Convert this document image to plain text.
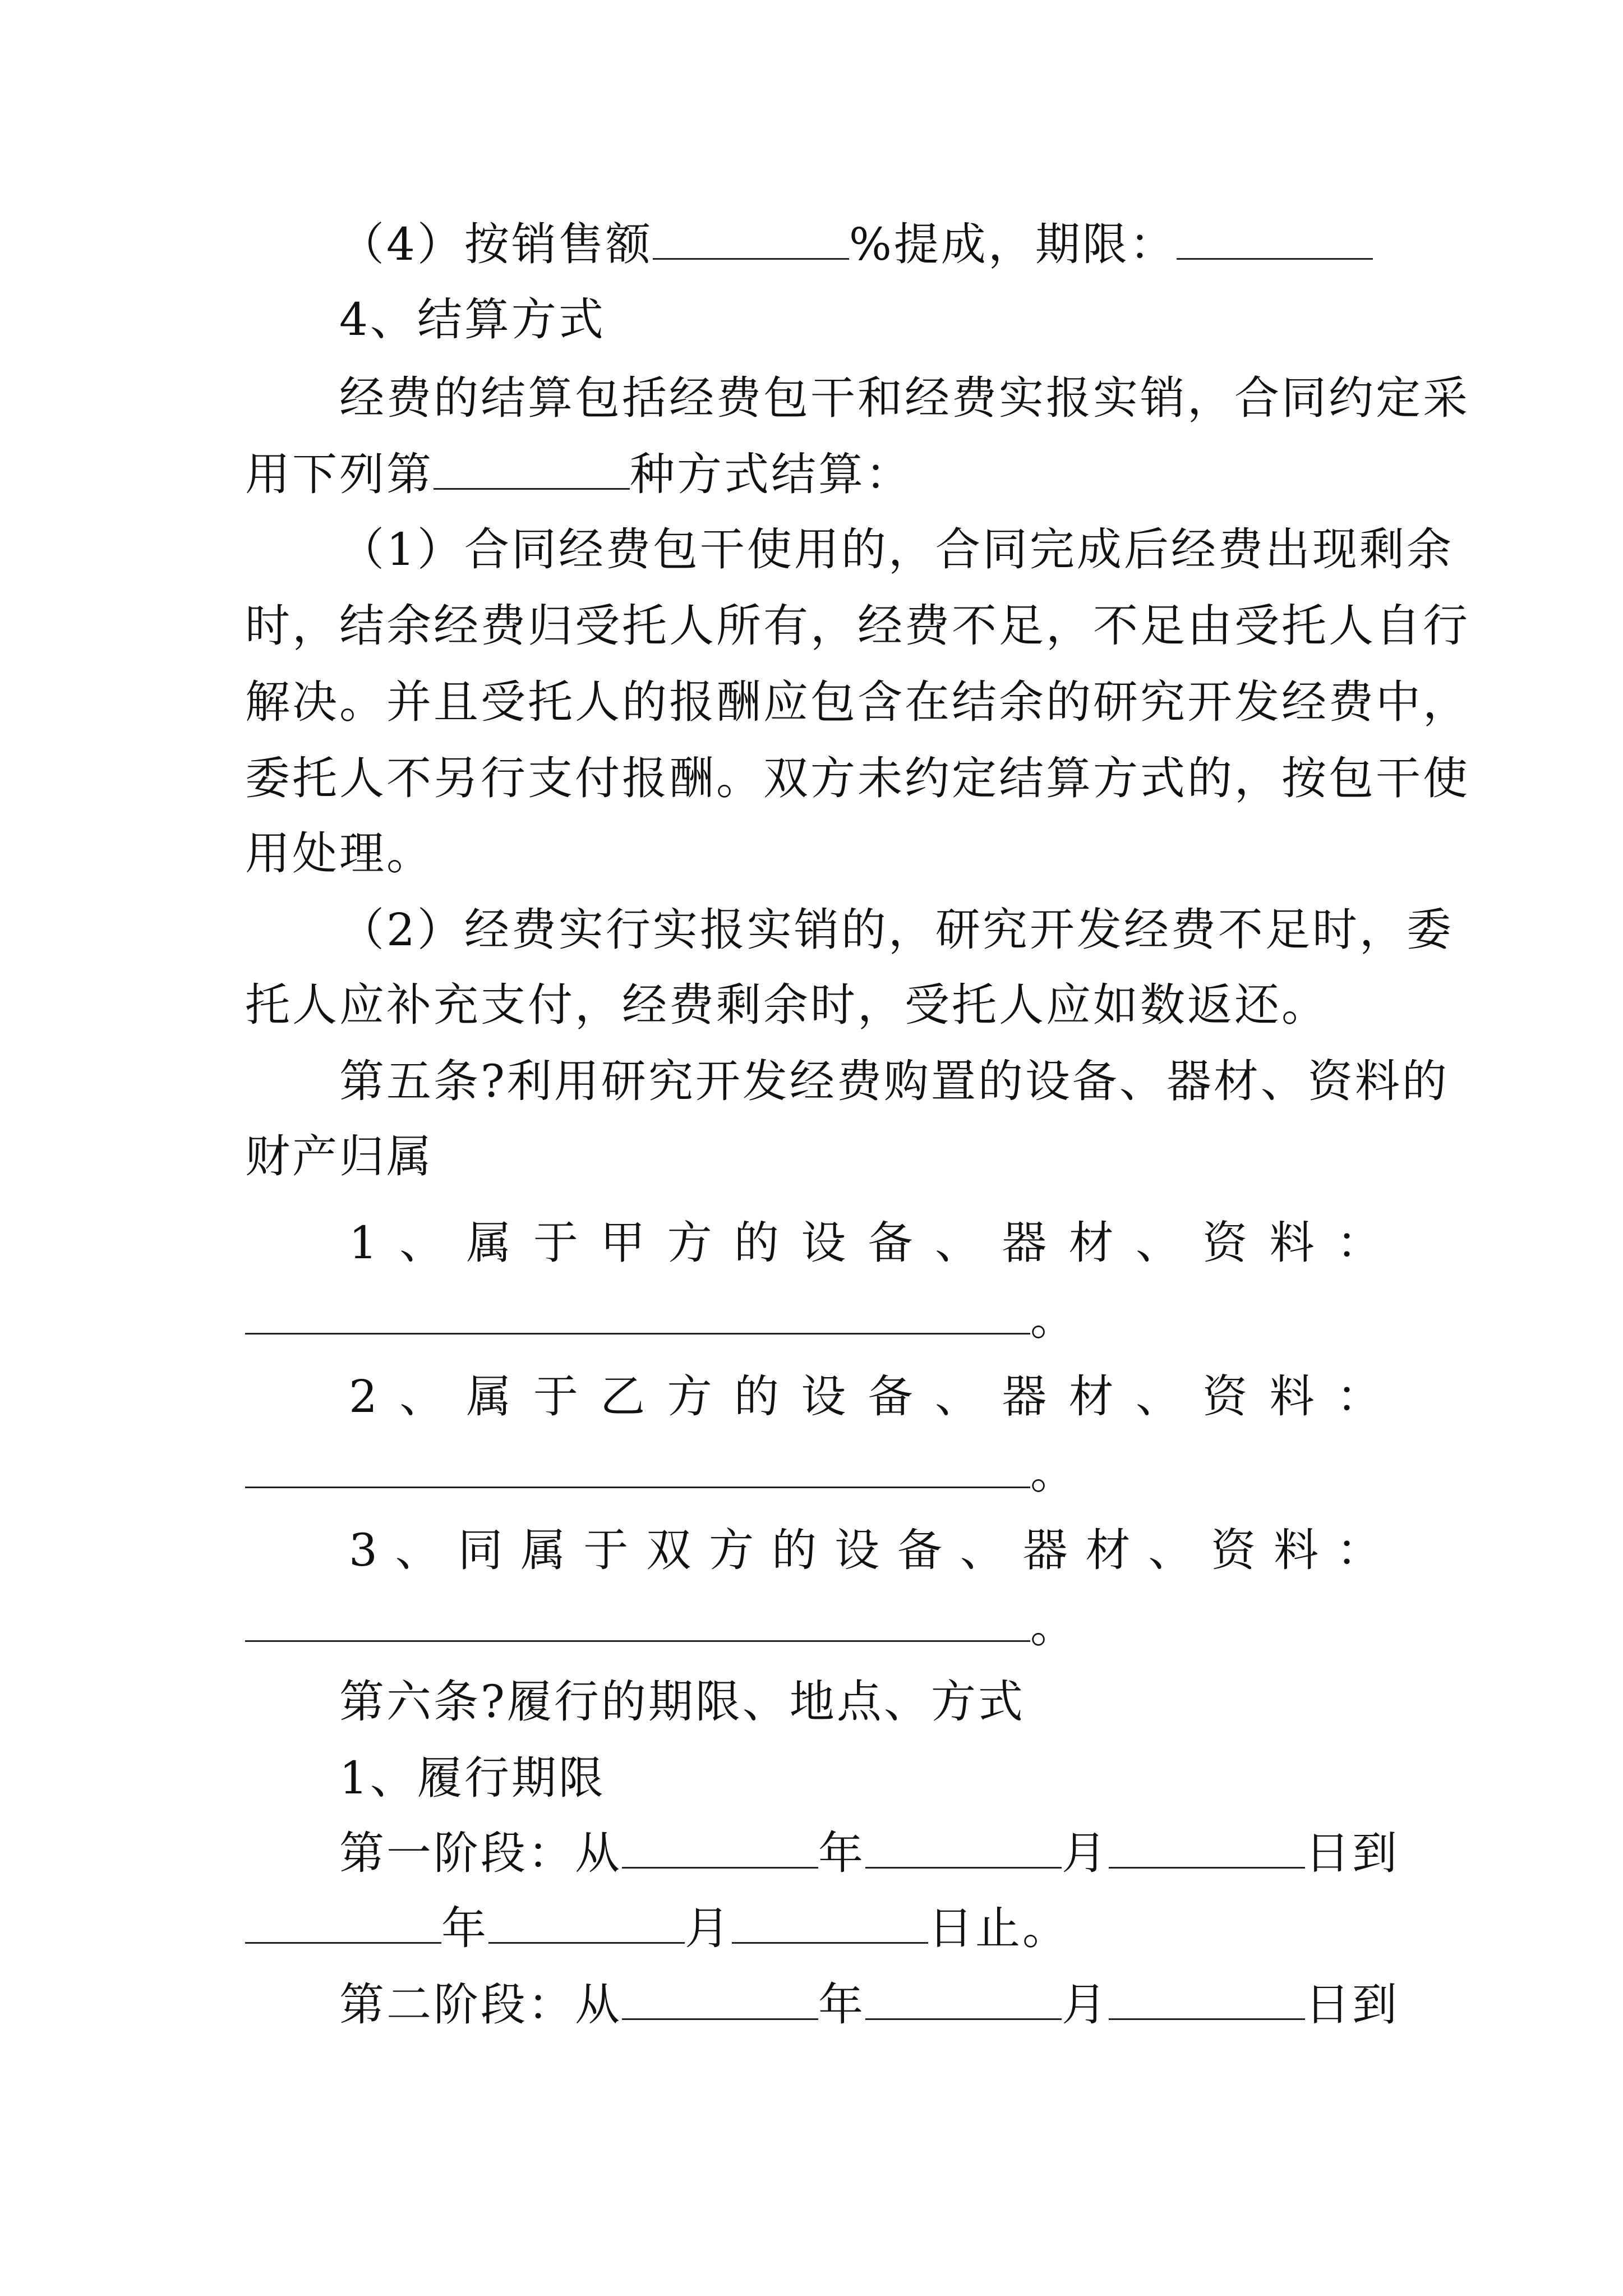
（4）按销售额	%提成，期限：
4、结算方式
经费的结算包括经费包干和经费实报实销，合同约定采
用下列第	种方式结算：
（1）合同经费包干使用的，合同完成后经费出现剩余
时，结余经费归受托人所有，经费不足，不足由受托人自行
解决。并且受托人的报酬应包含在结余的研究开发经费中，
委托人不另行支付报酬。双方未约定结算方式的，按包干使
用处理。
（2）经费实行实报实销的，研究开发经费不足时，委
托人应补充支付，经费剩余时，受托人应如数返还。
第五条?利用研究开发经费购置的设备、器材、资料的
财产归属
1、属于甲方的设备、器材、资料：
。
2、属于乙方的设备、器材、资料：
。
3、同属于双方的设备、器材、资料：
。
第六条?履行的期限、地点、方式
1、履行期限
第一阶段：从	年	月	日到
年	月	日止。
第二阶段：从	年	月	日到
